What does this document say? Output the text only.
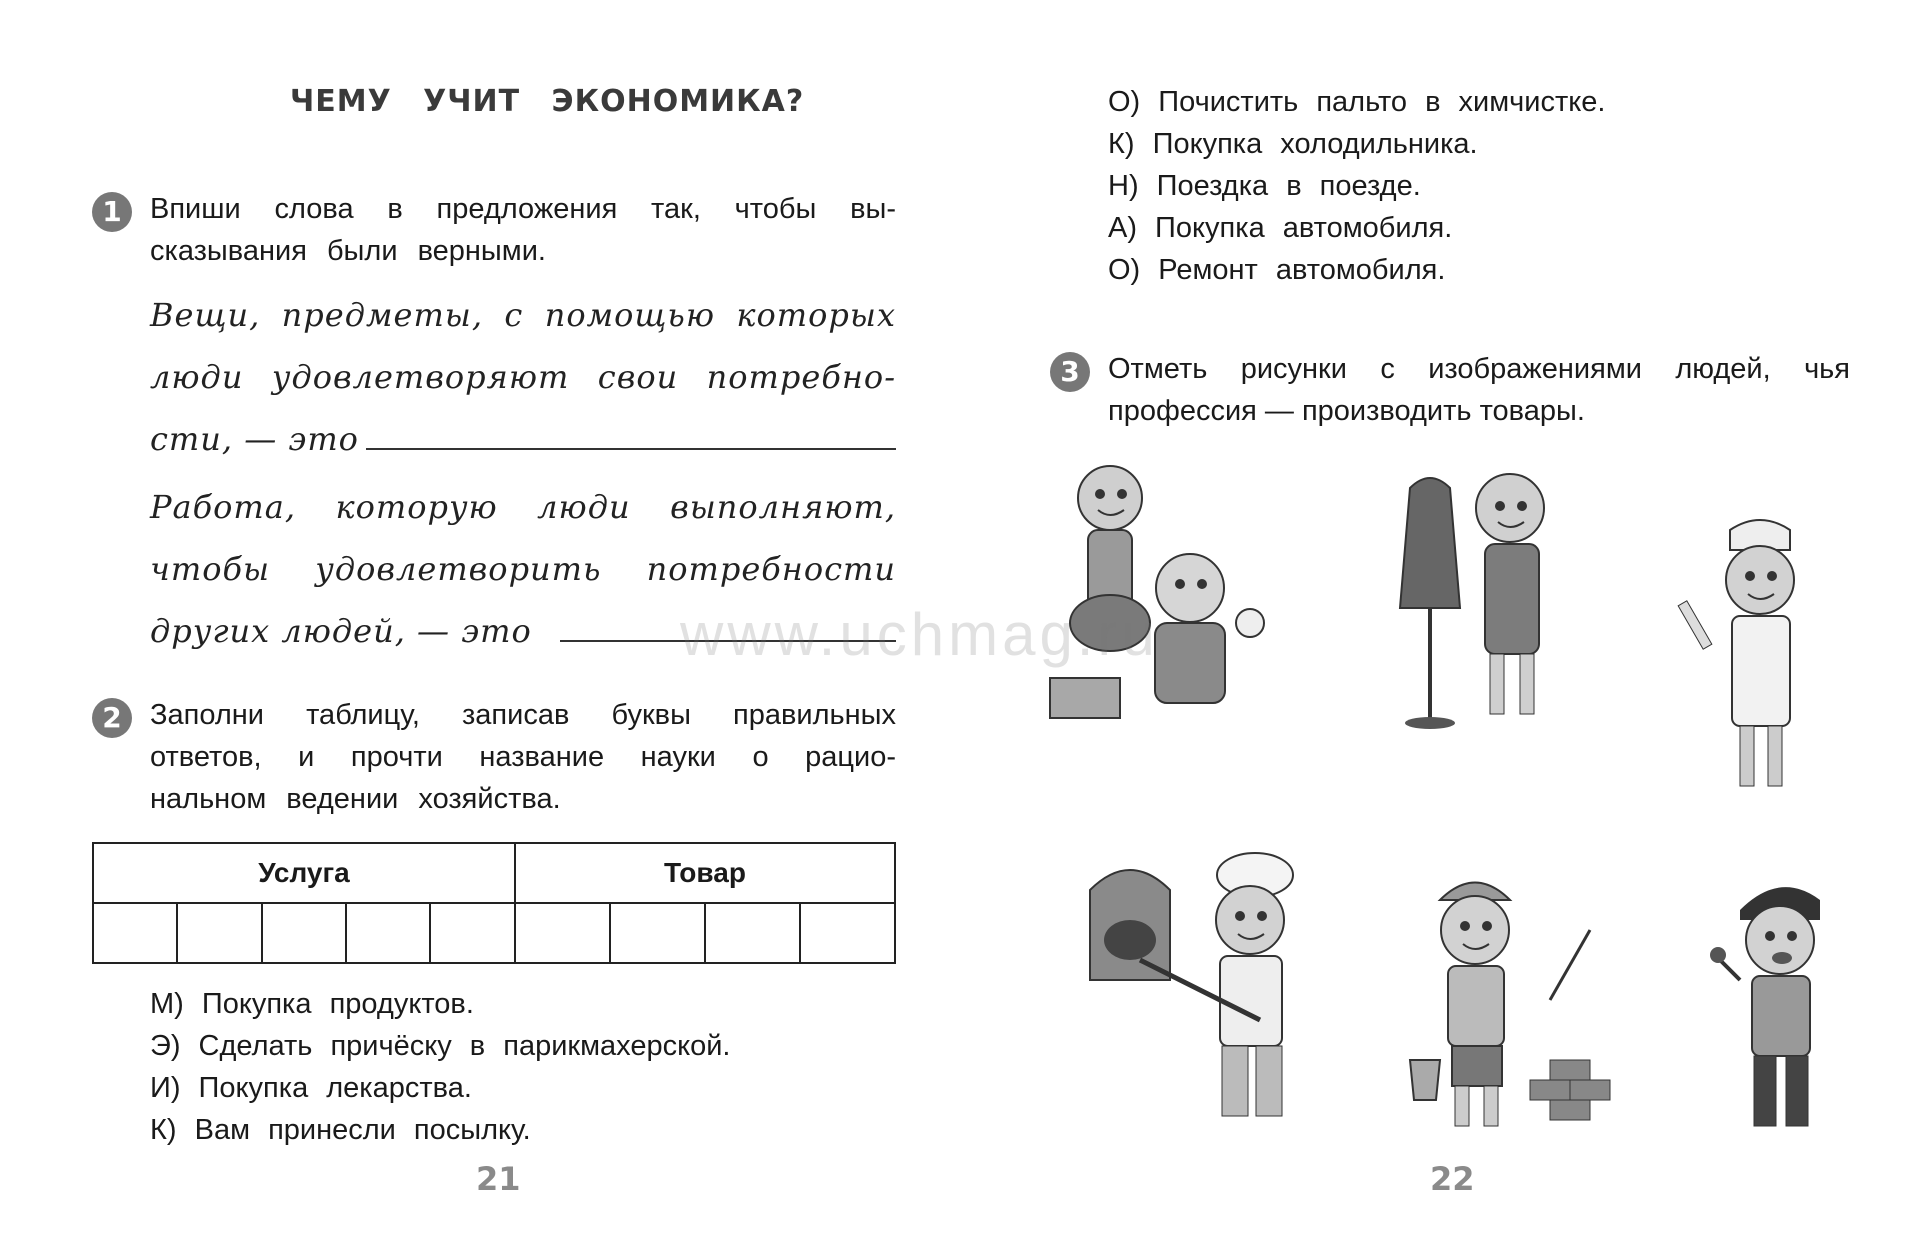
ЧЕМУ УЧИТ ЭКОНОМИКА?
1 Впиши слова в предложения так, чтобы вы-
сказывания были верными.
Вещи, предметы, с помощью которых
люди удовлетворяют свои потребно-
сти, — это
Работа, которую люди выполняют,
чтобы удовлетворить потребности
других людей, — это
2 Заполни таблицу, записав буквы правильных
ответов, и прочти название науки о рацио-
нальном ведении хозяйства.
Услуга					Товар			

М) Покупка продуктов.
Э) Сделать причёску в парикмахерской.
И) Покупка лекарства.
К) Вам принесли посылку.
21
О) Почистить пальто в химчистке.
К) Покупка холодильника.
Н) Поездка в поезде.
А) Покупка автомобиля.
О) Ремонт автомобиля.
3 Отметь рисунки с изображениями людей, чья
профессия — производить товары.
22
www.uchmag.ru
